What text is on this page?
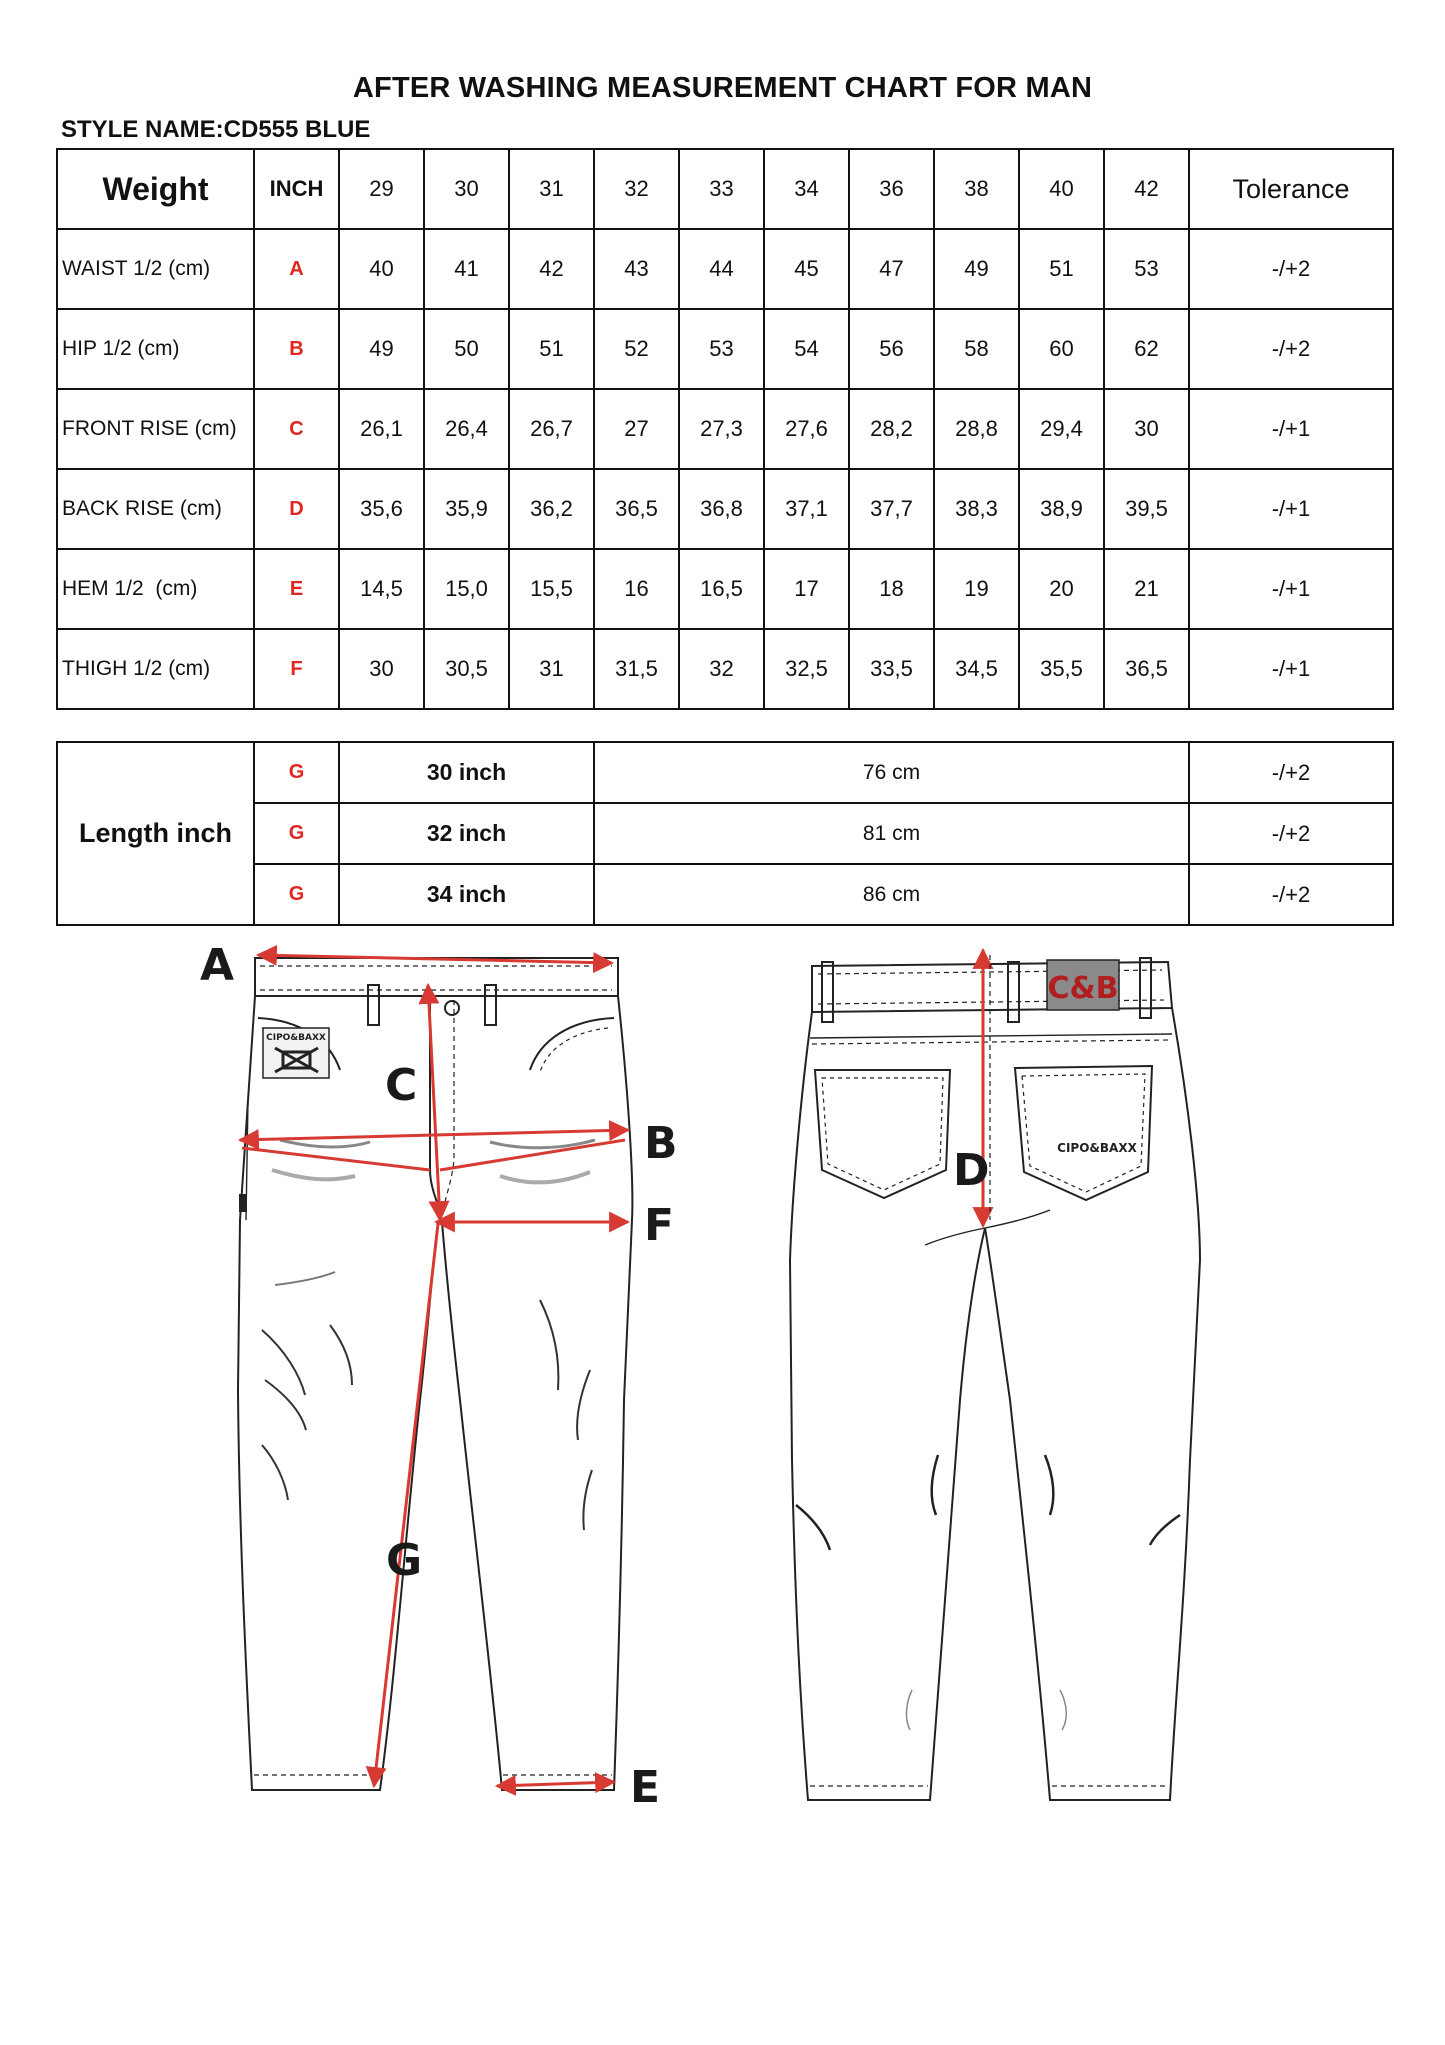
AFTER WASHING MEASUREMENT CHART FOR MAN
STYLE NAME:CD555 BLUE
Weight	INCH	29	30	31	32	33	34	36	38	40	42	Tolerance
WAIST 1/2 (cm)	A	40	41	42	43	44	45	47	49	51	53	-/+2
HIP 1/2 (cm)	B	49	50	51	52	53	54	56	58	60	62	-/+2
FRONT RISE (cm)	C	26,1	26,4	26,7	27	27,3	27,6	28,2	28,8	29,4	30	-/+1
BACK RISE (cm)	D	35,6	35,9	36,2	36,5	36,8	37,1	37,7	38,3	38,9	39,5	-/+1
HEM 1/2  (cm)	E	14,5	15,0	15,5	16	16,5	17	18	19	20	21	-/+1
THIGH 1/2 (cm)	F	30	30,5	31	31,5	32	32,5	33,5	34,5	35,5	36,5	-/+1
Length inch	G	30 inch	76 cm	-/+2
	G	32 inch	81 cm	-/+2
	G	34 inch	86 cm	-/+2
CIPO&BAXX
A
C
B
F
G
E
C&B
CIPO&BAXX
D
